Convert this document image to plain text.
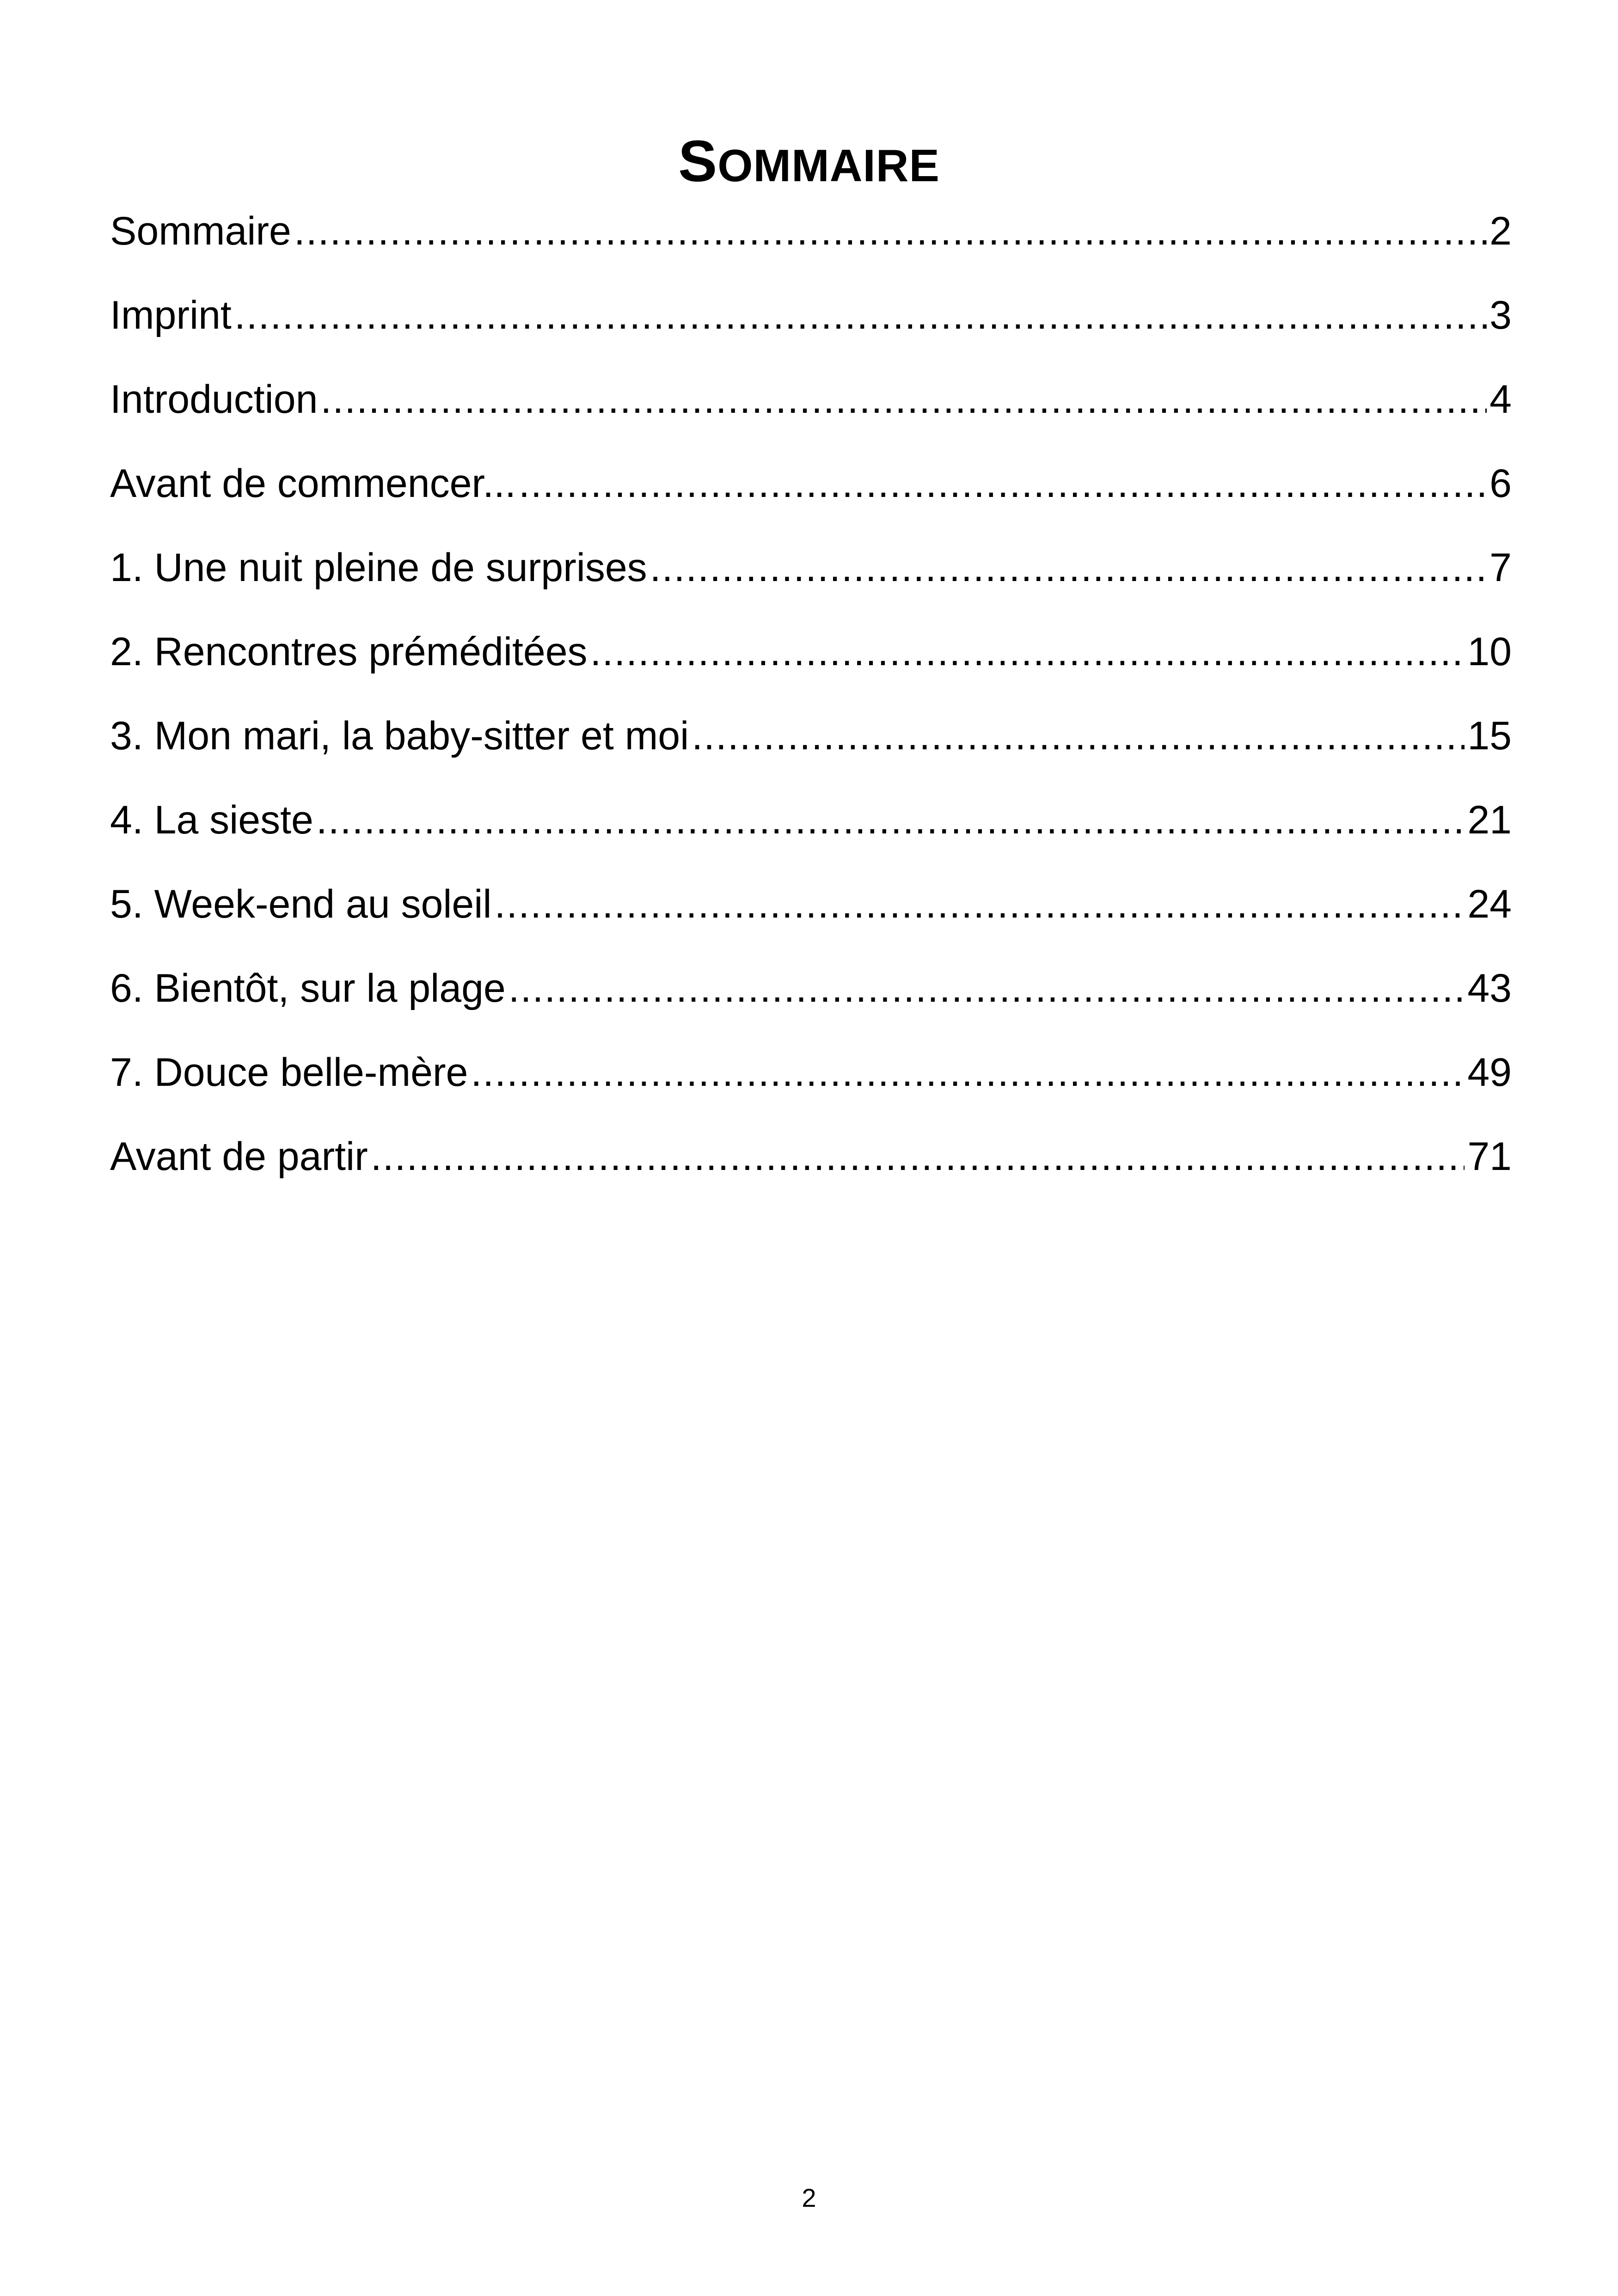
SOMMAIRE
Sommaire .....	2
Imprint .....	3
Introduction .....	4
Avant de commencer... .....	6
1. Une nuit pleine de surprises .....	7
2. Rencontres préméditées .....	10
3. Mon mari, la baby-sitter et moi .....	15
4. La sieste .....	21
5. Week-end au soleil .....	24
6. Bientôt, sur la plage .....	43
7. Douce belle-mère .....	49
Avant de partir .....	71
2
